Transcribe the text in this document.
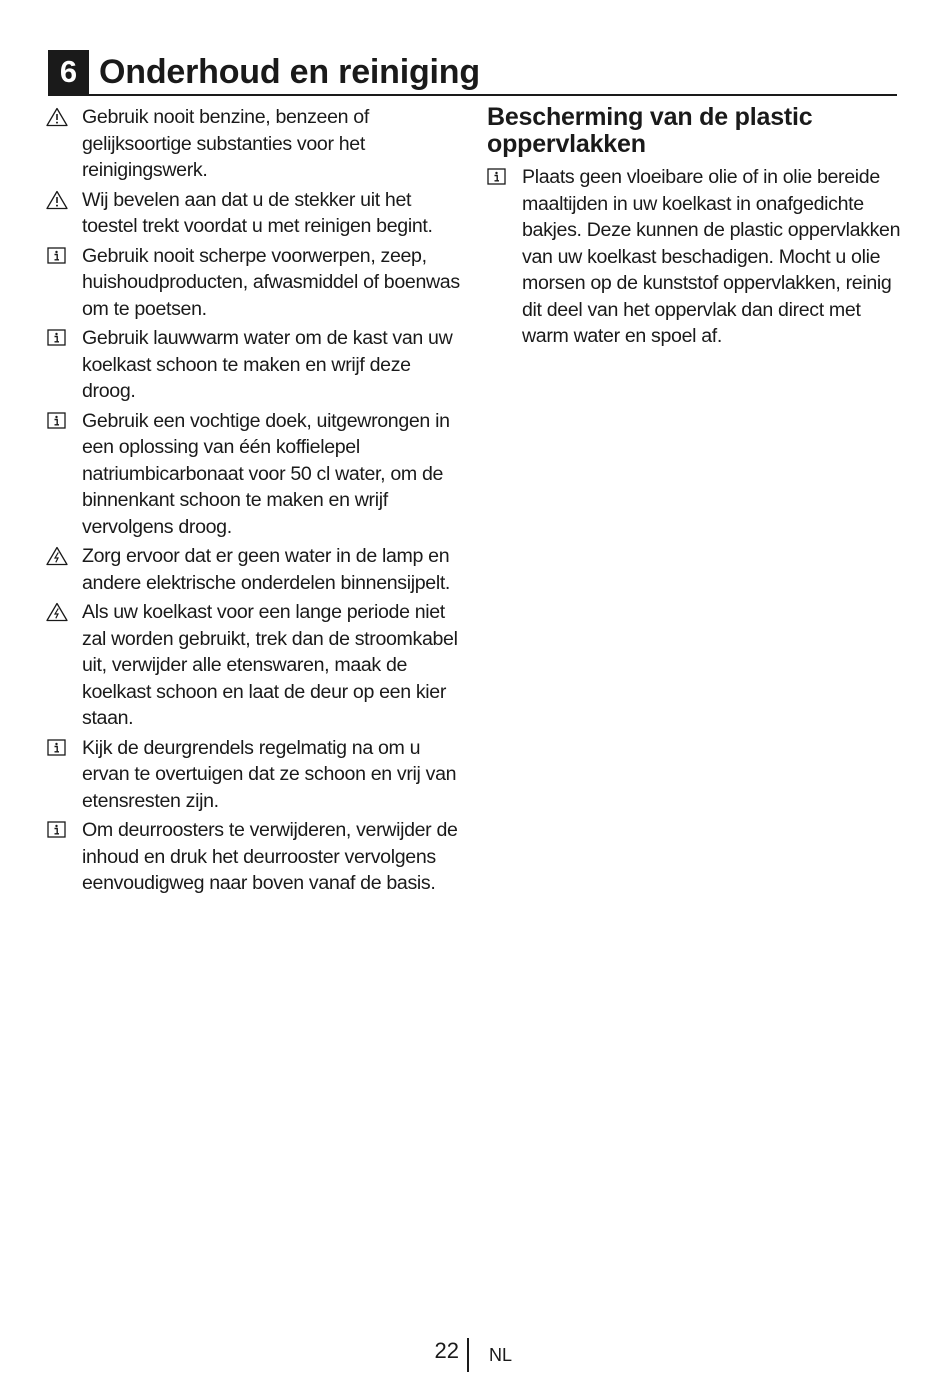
6 Onderhoud en reiniging
Gebruik nooit benzine, benzeen of gelijksoortige substanties voor het reinigingswerk.
Wij bevelen aan dat u de stekker uit het toestel trekt voordat u met reinigen begint.
Gebruik nooit scherpe voorwerpen, zeep, huishoudproducten, afwasmiddel of boenwas om te poetsen.
Gebruik lauwwarm water om de kast van uw koelkast schoon te maken en wrijf deze droog.
Gebruik een vochtige doek, uitgewrongen in een oplossing van één koffielepel natriumbicarbonaat voor 50 cl water, om de binnenkant schoon te maken en wrijf vervolgens droog.
Zorg ervoor dat er geen water in de lamp en andere elektrische onderdelen binnensijpelt.
Als uw koelkast voor een lange periode niet zal worden gebruikt, trek dan de stroomkabel uit, verwijder alle etenswaren, maak de koelkast schoon en laat de deur op een kier staan.
Kijk de deurgrendels regelmatig na om u ervan te overtuigen dat ze schoon en vrij van etensresten zijn.
Om deurroosters te verwijderen, verwijder de inhoud en druk het deurrooster vervolgens eenvoudigweg naar boven vanaf de basis.
Bescherming van de plastic oppervlakken
Plaats geen vloeibare olie of in olie bereide maaltijden in uw koelkast in onafgedichte bakjes. Deze kunnen de plastic oppervlakken van uw koelkast beschadigen. Mocht u olie morsen op de kunststof oppervlakken, reinig dit deel van het oppervlak dan direct met warm water en spoel af.
22 NL
